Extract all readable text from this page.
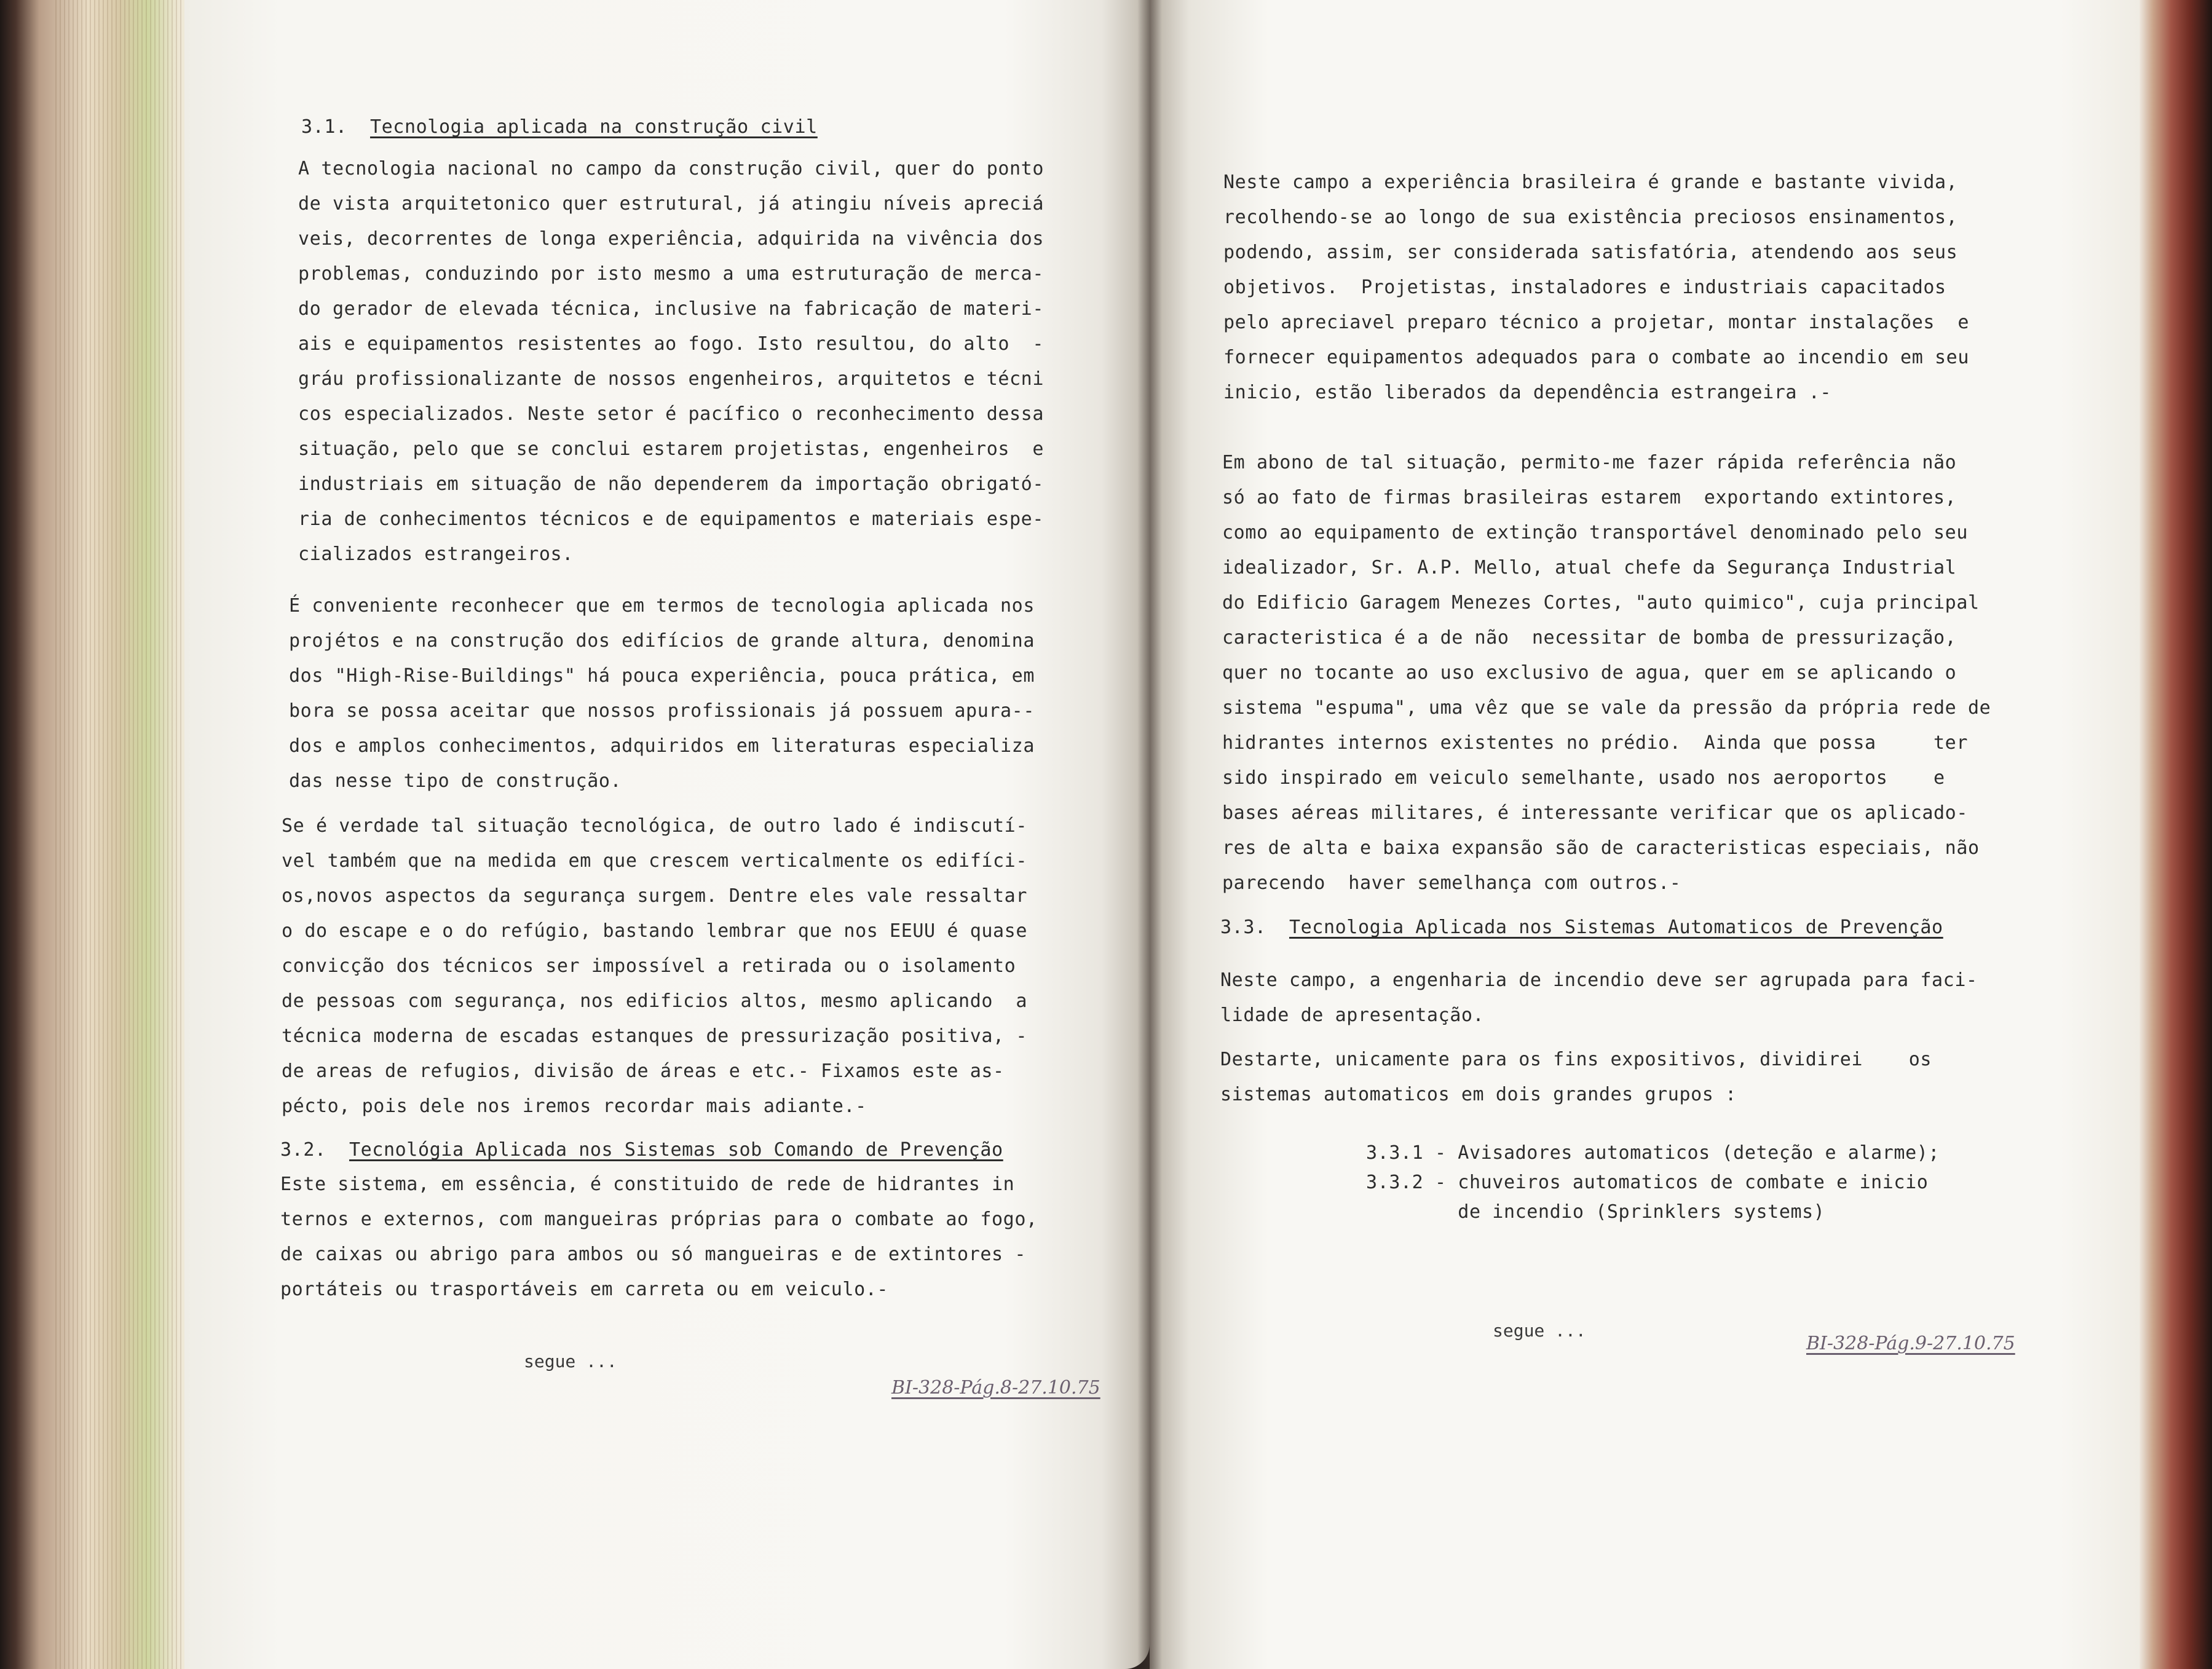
3.1. Tecnologia aplicada na construção civil
A tecnologia nacional no campo da construção civil, quer do ponto
de vista arquitetonico quer estrutural, já atingiu níveis apreciá
veis, decorrentes de longa experiência, adquirida na vivência dos
problemas, conduzindo por isto mesmo a uma estruturação de merca-
do gerador de elevada técnica, inclusive na fabricação de materi-
ais e equipamentos resistentes ao fogo. Isto resultou, do alto  -
gráu profissionalizante de nossos engenheiros, arquitetos e técni
cos especializados. Neste setor é pacífico o reconhecimento dessa
situação, pelo que se conclui estarem projetistas, engenheiros  e
industriais em situação de não dependerem da importação obrigató-
ria de conhecimentos técnicos e de equipamentos e materiais espe-
cializados estrangeiros.
É conveniente reconhecer que em termos de tecnologia aplicada nos
projétos e na construção dos edifícios de grande altura, denomina
dos "High-Rise-Buildings" há pouca experiência, pouca prática, em
bora se possa aceitar que nossos profissionais já possuem apura--
dos e amplos conhecimentos, adquiridos em literaturas especializa
das nesse tipo de construção.
Se é verdade tal situação tecnológica, de outro lado é indiscutí-
vel também que na medida em que crescem verticalmente os edifíci-
os,novos aspectos da segurança surgem. Dentre eles vale ressaltar
o do escape e o do refúgio, bastando lembrar que nos EEUU é quase
convicção dos técnicos ser impossível a retirada ou o isolamento
de pessoas com segurança, nos edificios altos, mesmo aplicando  a
técnica moderna de escadas estanques de pressurização positiva, -
de areas de refugios, divisão de áreas e etc.- Fixamos este as-
pécto, pois dele nos iremos recordar mais adiante.-
3.2. Tecnológia Aplicada nos Sistemas sob Comando de Prevenção
Este sistema, em essência, é constituido de rede de hidrantes in
ternos e externos, com mangueiras próprias para o combate ao fogo,
de caixas ou abrigo para ambos ou só mangueiras e de extintores -
portáteis ou trasportáveis em carreta ou em veiculo.-
segue ...
BI-328-Pág.8-27.10.75
Neste campo a experiência brasileira é grande e bastante vivida,
recolhendo-se ao longo de sua existência preciosos ensinamentos,
podendo, assim, ser considerada satisfatória, atendendo aos seus
objetivos.  Projetistas, instaladores e industriais capacitados
pelo apreciavel preparo técnico a projetar, montar instalações  e
fornecer equipamentos adequados para o combate ao incendio em seu
inicio, estão liberados da dependência estrangeira .-
Em abono de tal situação, permito-me fazer rápida referência não
só ao fato de firmas brasileiras estarem  exportando extintores,
como ao equipamento de extinção transportável denominado pelo seu
idealizador, Sr. A.P. Mello, atual chefe da Segurança Industrial
do Edificio Garagem Menezes Cortes, "auto quimico", cuja principal
caracteristica é a de não  necessitar de bomba de pressurização,
quer no tocante ao uso exclusivo de agua, quer em se aplicando o
sistema "espuma", uma vêz que se vale da pressão da própria rede de
hidrantes internos existentes no prédio.  Ainda que possa     ter
sido inspirado em veiculo semelhante, usado nos aeroportos    e
bases aéreas militares, é interessante verificar que os aplicado-
res de alta e baixa expansão são de caracteristicas especiais, não
parecendo  haver semelhança com outros.-
3.3. Tecnologia Aplicada nos Sistemas Automaticos de Prevenção
Neste campo, a engenharia de incendio deve ser agrupada para faci-
lidade de apresentação.
Destarte, unicamente para os fins expositivos, dividirei    os
sistemas automaticos em dois grandes grupos :
3.3.1 - Avisadores automaticos (deteção e alarme);
3.3.2 - chuveiros automaticos de combate e inicio
de incendio (Sprinklers systems)
segue ...
BI-328-Pág.9-27.10.75
